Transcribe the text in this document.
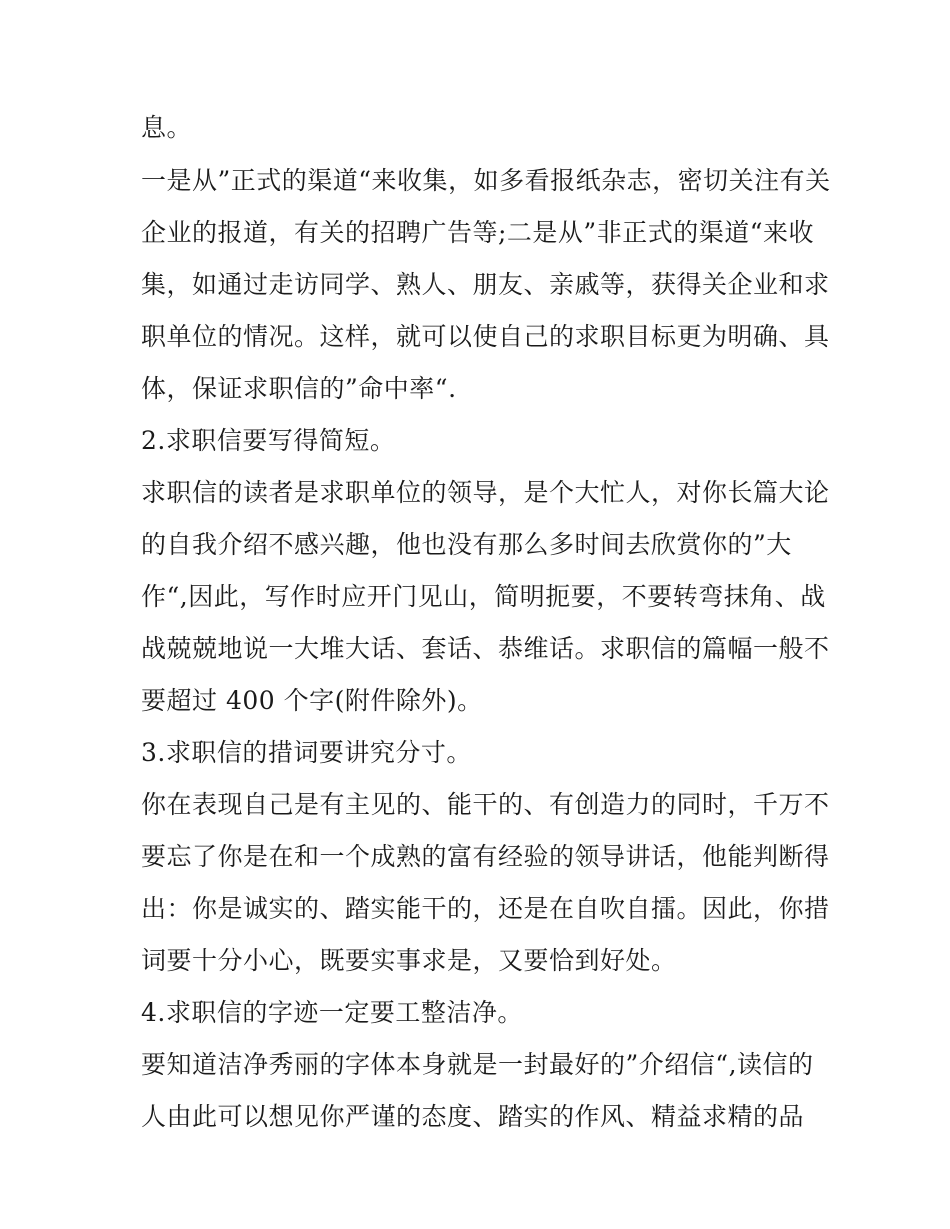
息。
一是从”正式的渠道“来收集，如多看报纸杂志，密切关注有关
企业的报道，有关的招聘广告等;二是从”非正式的渠道“来收
集，如通过走访同学、熟人、朋友、亲戚等，获得关企业和求
职单位的情况。这样，就可以使自己的求职目标更为明确、具
体，保证求职信的”命中率“.
2.求职信要写得简短。
求职信的读者是求职单位的领导，是个大忙人，对你长篇大论
的自我介绍不感兴趣，他也没有那么多时间去欣赏你的”大
作“,因此，写作时应开门见山，简明扼要，不要转弯抹角、战
战兢兢地说一大堆大话、套话、恭维话。求职信的篇幅一般不
要超过 400 个字(附件除外)。
3.求职信的措词要讲究分寸。
你在表现自己是有主见的、能干的、有创造力的同时，千万不
要忘了你是在和一个成熟的富有经验的领导讲话，他能判断得
出：你是诚实的、踏实能干的，还是在自吹自擂。因此，你措
词要十分小心，既要实事求是，又要恰到好处。
4.求职信的字迹一定要工整洁净。
要知道洁净秀丽的字体本身就是一封最好的”介绍信“,读信的
人由此可以想见你严谨的态度、踏实的作风、精益求精的品
